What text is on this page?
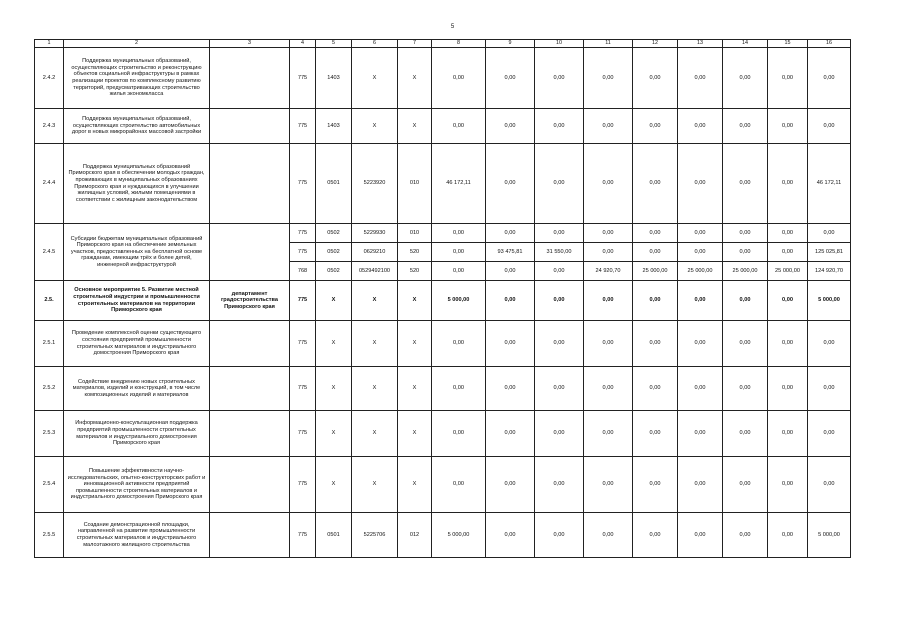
5
1	2	3	4	5	6	7	8	9	10	11	12	13	14	15	16
2.4.2	Поддержка муниципальных образований, осуществляющих строительство и реконструкцию объектов социальной инфраструктуры в рамках реализации проектов по комплексному развитию территорий, предусматривающих строительство жилья экономкласса		775	1403	X	X	0,00	0,00	0,00	0,00	0,00	0,00	0,00	0,00	0,00
2.4.3	Поддержка муниципальных образований, осуществляющих строительство автомобильных дорог в новых микрорайонах массовой застройки		775	1403	X	X	0,00	0,00	0,00	0,00	0,00	0,00	0,00	0,00	0,00
2.4.4	Поддержка муниципальных образований Приморского края в обеспечении молодых граждан, проживающих в муниципальных образованиях Приморского края и нуждающихся в улучшении жилищных условий, жилыми помещениями в соответствии с жилищным законодательством		775	0501	5223920	010	46 172,11	0,00	0,00	0,00	0,00	0,00	0,00	0,00	46 172,11
2.4.5	Субсидии бюджетам муниципальных образований Приморского края на обеспечение земельных участков, предоставленных на бесплатной основе гражданам, имеющим трёх и более детей, инженерной инфраструктурой		775	0502	5229930	010	0,00	0,00	0,00	0,00	0,00	0,00	0,00	0,00	0,00
			775	0502	0629210	520	0,00	93 475,81	31 550,00	0,00	0,00	0,00	0,00	0,00	125 025,81
			768	0502	0529492100	520	0,00	0,00	0,00	24 920,70	25 000,00	25 000,00	25 000,00	25 000,00	124 920,70
2.5.	Основное мероприятие 5. Развитие местной строительной индустрии и промышленности строительных материалов на территории Приморского края	департамент градостроительства Приморского края	775	X	X	X	5 000,00	0,00	0,00	0,00	0,00	0,00	0,00	0,00	5 000,00
2.5.1	Проведение комплексной оценки существующего состояния предприятий промышленности строительных материалов и индустриального домостроения Приморского края		775	X	X	X	0,00	0,00	0,00	0,00	0,00	0,00	0,00	0,00	0,00
2.5.2	Содействие внедрению новых строительных материалов, изделий и конструкций, в том числе композиционных изделий и материалов		775	X	X	X	0,00	0,00	0,00	0,00	0,00	0,00	0,00	0,00	0,00
2.5.3	Информационно-консультационная поддержка предприятий промышленности строительных материалов и индустриального домостроения Приморского края		775	X	X	X	0,00	0,00	0,00	0,00	0,00	0,00	0,00	0,00	0,00
2.5.4	Повышение эффективности научно-исследовательских, опытно-конструкторских работ и инновационной активности предприятий промышленности строительных материалов и индустриального домостроения Приморского края		775	X	X	X	0,00	0,00	0,00	0,00	0,00	0,00	0,00	0,00	0,00
2.5.5	Создание демонстрационной площадки, направленной на развитие промышленности строительных материалов и индустриального малоэтажного жилищного строительства		775	0501	5225706	012	5 000,00	0,00	0,00	0,00	0,00	0,00	0,00	0,00	5 000,00
